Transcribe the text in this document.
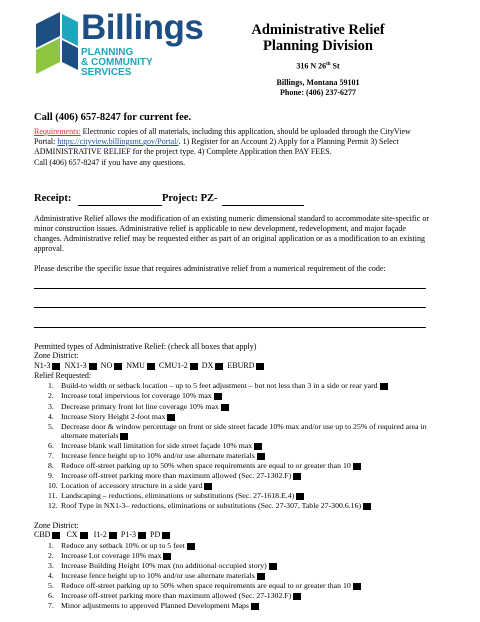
Billings
PLANNING
& COMMUNITY
SERVICES
Administrative Relief
Planning Division
316 N 26th St
Billings, Montana 59101
Phone: (406) 237-6277
Call (406) 657-8247 for current fee.
Requirements: Electronic copies of all materials, including this application, should be uploaded through the CityView Portal: https://cityview.billingsmt.gov/Portal/. 1) Register for an Account 2) Apply for a Planning Permit 3) Select ADMINISTRATIVE RELIEF for the project type. 4) Complete Application then PAY FEES.
Call (406) 657-8247 if you have any questions.
Receipt:	Project: PZ-
Administrative Relief allows the modification of an existing numeric dimensional standard to accommodate site-specific or minor construction issues. Administrative relief is applicable to new development, redevelopment, and major façade changes. Administrative relief may be requested either as part of an original application or as a modification to an existing approval.
Please describe the specific issue that requires administrative relief from a numerical requirement of the code:
Permitted types of Administrative Relief: (check all boxes that apply)
Zone District:
N1-3 NX1-3 NO NMU CMU1-2 DX EBURD
Relief Requested:
1. Build-to width or setback location – up to 5 feet adjustment – but not less than 3 in a side or rear yard
2. Increase total impervious lot coverage 10% max
3. Decrease primary front lot line coverage 10% max
4. Increase Story Height 2-foot max
5. Decrease door & window percentage on front or side street facade 10% max and/or use up to 25% of required area in alternate materials
6. Increase blank wall limitation for side street façade 10% max
7. Increase fence height up to 10% and/or use alternate materials
8. Reduce off-street parking up to 50% when space requirements are equal to or greater than 10
9. Increase off-street parking more than maximum allowed (Sec. 27-1302.F)
10. Location of accessory structure in a side yard
11. Landscaping – reductions, eliminations or substitutions (Sec. 27-1618.E.4)
12. Roof Type in NX1-3– reductions, eliminations or substitutions (Sec. 27-307, Table 27-300.6.16)
Zone District:
CBD CX I1-2 P1-3 PD
1. Reduce any setback 10% or up to 5 feet
2. Increase Lot coverage 10% max
3. Increase Building Height 10% max (no additional occupied story)
4. Increase fence height up to 10% and/or use alternate materials
5. Reduce off-street parking up to 50% when space requirements are equal to or greater than 10
6. Increase off-street parking more than maximum allowed (Sec. 27-1302.F)
7. Minor adjustments to approved Planned Development Maps
